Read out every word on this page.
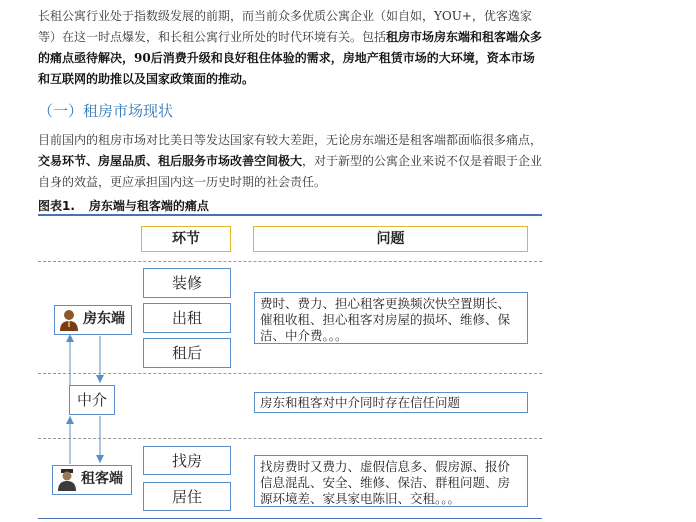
长租公寓行业处于指数级发展的前期，而当前众多优质公寓企业（如自如，YOU+，优客逸家等）在这一时点爆发，和长租公寓行业所处的时代环境有关。包括租房市场房东端和租客端众多的痛点亟待解决，90后消费升级和良好租住体验的需求，房地产租赁市场的大环境，资本市场和互联网的助推以及国家政策面的推动。
（一）租房市场现状
目前国内的租房市场对比美日等发达国家有较大差距，无论房东端还是租客端都面临很多痛点，交易环节、房屋品质、租后服务市场改善空间极大，对于新型的公寓企业来说不仅是着眼于企业自身的效益，更应承担国内这一历史时期的社会责任。
图表1. 房东端与租客端的痛点
环节	问题
房东端
装修
出租
租后
费时、费力、担心租客更换频次快空置期长、催租收租、担心租客对房屋的损坏、维修、保洁、中介费。。。
中介	房东和租客对中介同时存在信任问题
租客端
找房
居住
找房费时又费力、虚假信息多、假房源、报价信息混乱、安全、维修、保洁、群租问题、房源环境差、家具家电陈旧、交租。。。
